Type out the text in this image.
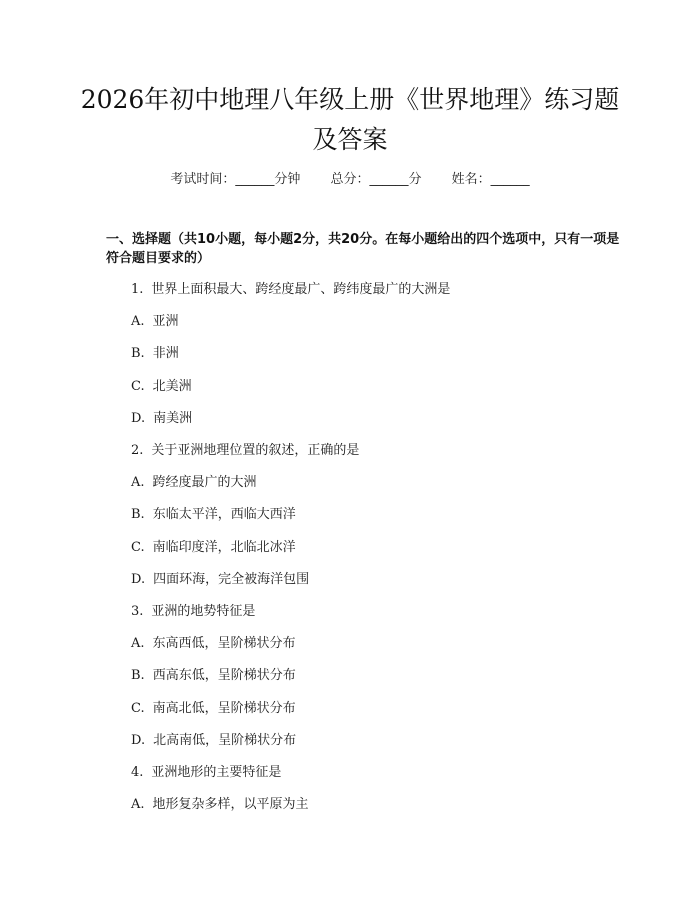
2026年初中地理八年级上册《世界地理》练习题及答案
考试时间：______分钟 总分：______分 姓名：______
一、选择题（共10小题，每小题2分，共20分。在每小题给出的四个选项中，只有一项是符合题目要求的）
1. 世界上面积最大、跨经度最广、跨纬度最广的大洲是
A. 亚洲
B. 非洲
C. 北美洲
D. 南美洲
2. 关于亚洲地理位置的叙述，正确的是
A. 跨经度最广的大洲
B. 东临太平洋，西临大西洋
C. 南临印度洋，北临北冰洋
D. 四面环海，完全被海洋包围
3. 亚洲的地势特征是
A. 东高西低，呈阶梯状分布
B. 西高东低，呈阶梯状分布
C. 南高北低，呈阶梯状分布
D. 北高南低，呈阶梯状分布
4. 亚洲地形的主要特征是
A. 地形复杂多样，以平原为主
